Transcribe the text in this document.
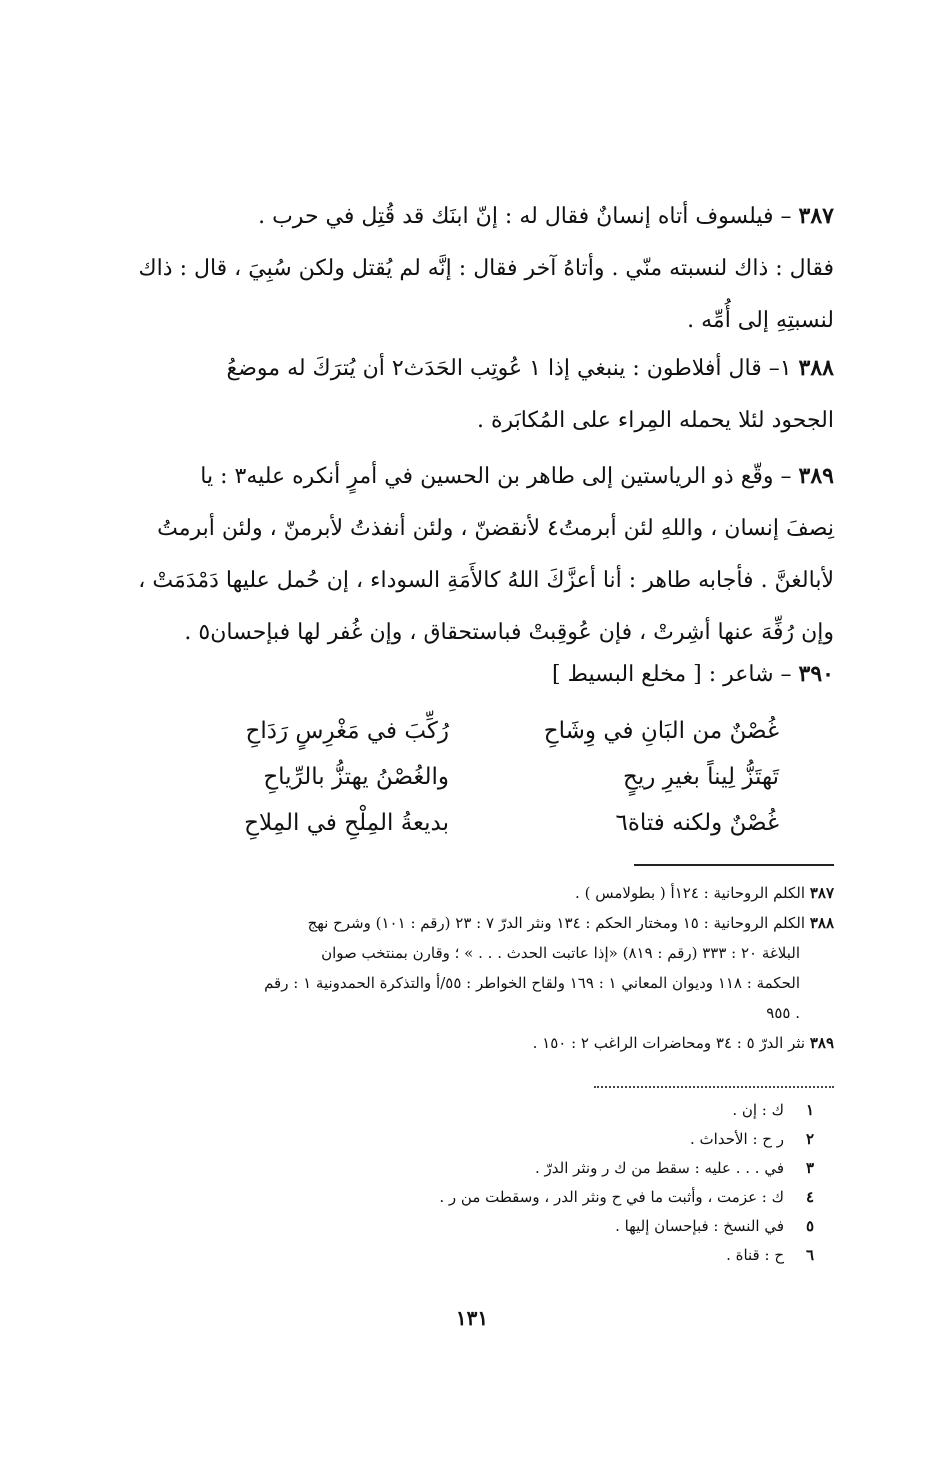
٣٨٧ – فيلسوف أتاه إنسانٌ فقال له : إنّ ابنَك قد قُتِل في حرب .
فقال : ذاك لنسبته منّي . وأتاهُ آخر فقال : إنَّه لم يُقتل ولكن سُبِيَ ، قال : ذاك
لنسبتِهِ إلى أُمِّه .
٣٨٨ ١– قال أفلاطون : ينبغي إذا ١ عُوتِب الحَدَث٢ أن يُترَكَ له موضعُ
الجحود لئلا يحمله المِراء على المُكابَرة .
٣٨٩ – وقّع ذو الرياستين إلى طاهر بن الحسين في أمرٍ أنكره عليه٣ : يا
نِصفَ إنسان ، واللهِ لئن أبرمتُ٤ لأنقضنّ ، ولئن أنفذتُ لأبرمنّ ، ولئن أبرمتُ
لأبالغنَّ . فأجابه طاهر : أنا أعزَّكَ اللهُ كالأَمَةِ السوداء ، إن حُمل عليها دَمْدَمَتْ ،
وإن رُفِّهَ عنها أشِرتْ ، فإن عُوقِبتْ فباستحقاق ، وإن غُفر لها فبإحسان٥ .
٣٩٠ – شاعر : [ مخلع البسيط ]
غُصْنٌ من البَانِ في وِشَاحِ
رُكِّبَ في مَغْرِسٍ رَدَاحِ
تَهتَزُّ لِيناً بغيرِ ريحٍ
والغُصْنُ يهتزُّ بالرِّياحِ
غُصْنٌ ولكنه فتاة٦
بديعةُ المِلْحِ في المِلاحِ
٣٨٧ الكلم الروحانية : ١٢٤أ ( بطولامس ) .
٣٨٨ الكلم الروحانية : ١٥ ومختار الحكم : ١٣٤ ونثر الدرّ ٧ : ٢٣ (رقم : ١٠١) وشرح نهج
البلاغة ٢٠ : ٣٣٣ (رقم : ٨١٩) «إذا عاتبت الحدث . . . » ؛ وقارن بمنتخب صوان
الحكمة : ١١٨ وديوان المعاني ١ : ١٦٩ ولقاح الخواطر : ٥٥/أ والتذكرة الحمدونية ١ : رقم
. ٩٥٥
٣٨٩ نثر الدرّ ٥ : ٣٤ ومحاضرات الراغب ٢ : ١٥٠ .
١ك : إن .
٢ر ح : الأحداث .
٣في . . . عليه : سقط من ك ر ونثر الدرّ .
٤ك : عزمت ، وأثبت ما في ح ونثر الدر ، وسقطت من ر .
٥في النسخ : فبإحسان إليها .
٦ح : قناة .
١٣١
